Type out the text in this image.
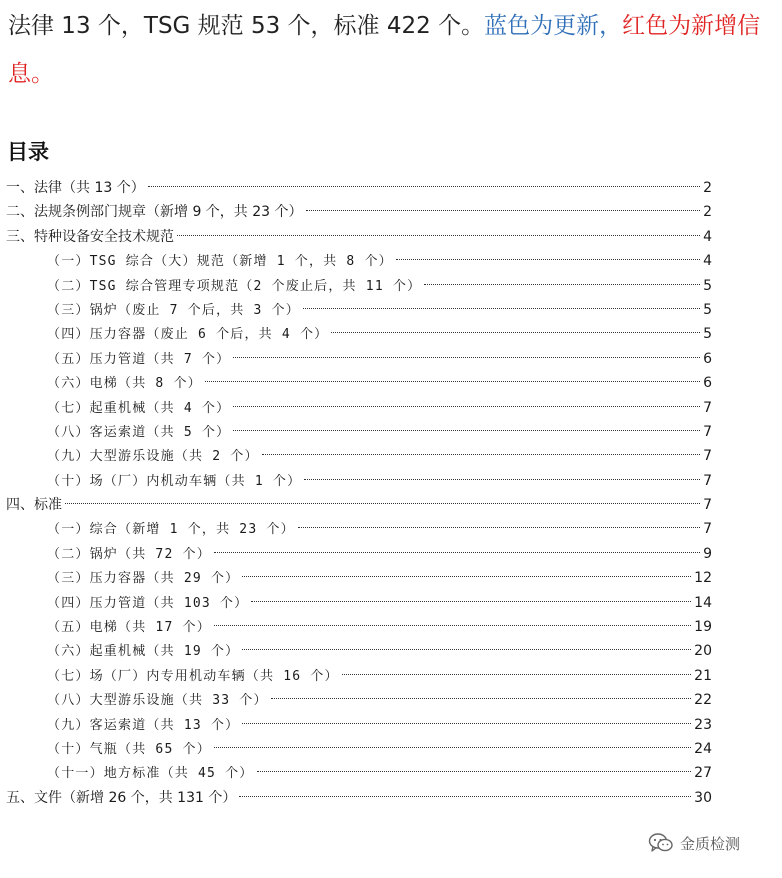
法律 13 个，TSG 规范 53 个，标准 422 个。蓝色为更新，红色为新增信息。
目录
一、法律（共 13 个）	2
二、法规条例部门规章（新增 9 个，共 23 个）	2
三、特种设备安全技术规范	4
（一）TSG 综合（大）规范（新增 1 个，共 8 个）	4
（二）TSG 综合管理专项规范（2 个废止后，共 11 个）	5
（三）锅炉（废止 7 个后，共 3 个）	5
（四）压力容器（废止 6 个后，共 4 个）	5
（五）压力管道（共 7 个）	6
（六）电梯（共 8 个）	6
（七）起重机械（共 4 个）	7
（八）客运索道（共 5 个）	7
（九）大型游乐设施（共 2 个）	7
（十）场（厂）内机动车辆（共 1 个）	7
四、标准	7
（一）综合（新增 1 个，共 23 个）	7
（二）锅炉（共 72 个）	9
（三）压力容器（共 29 个）	12
（四）压力管道（共 103 个）	14
（五）电梯（共 17 个）	19
（六）起重机械（共 19 个）	20
（七）场（厂）内专用机动车辆（共 16 个）	21
（八）大型游乐设施（共 33 个）	22
（九）客运索道（共 13 个）	23
（十）气瓶（共 65 个）	24
（十一）地方标准（共 45 个）	27
五、文件（新增 26 个，共 131 个）	30
金质检测
